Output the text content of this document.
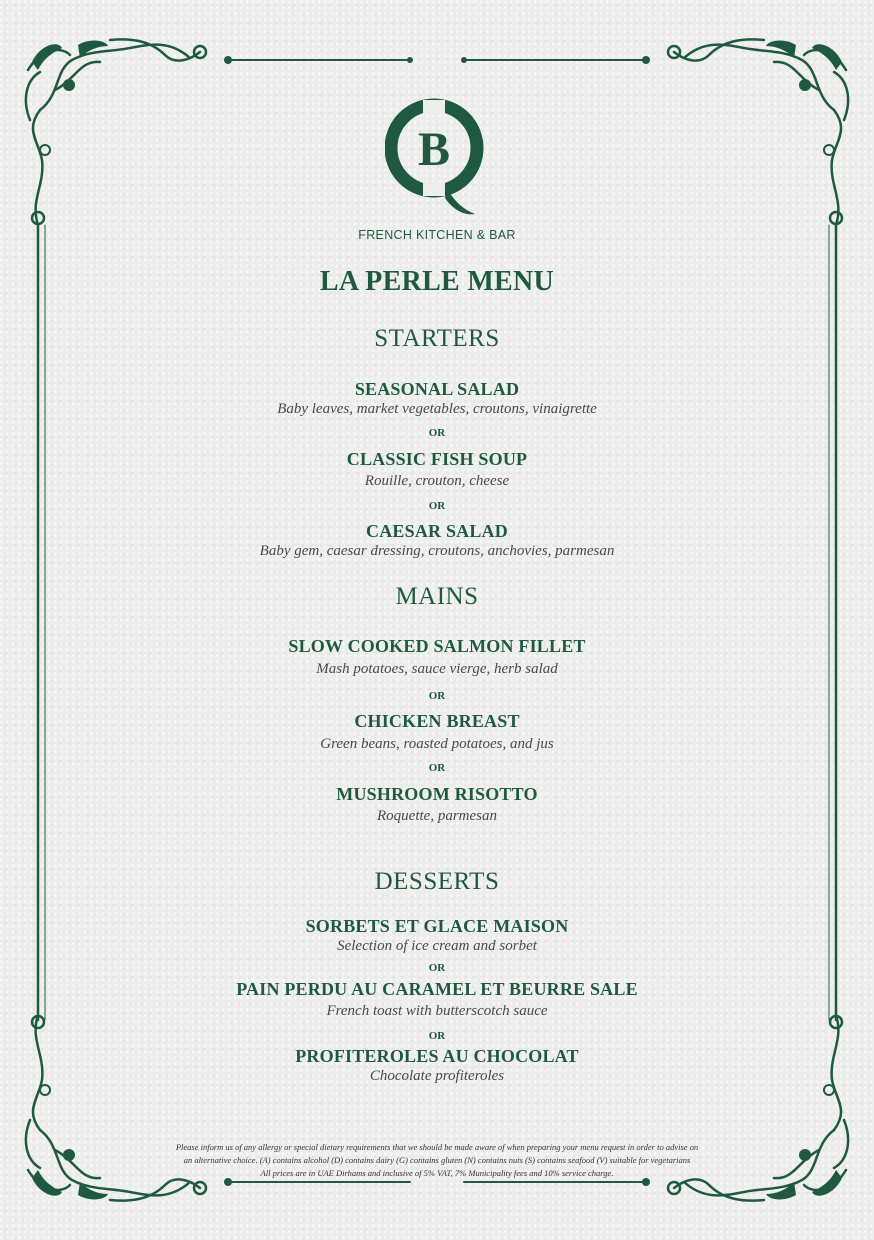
B
FRENCH KITCHEN & BAR
LA PERLE MENU
STARTERS
SEASONAL SALAD
Baby leaves, market vegetables, croutons, vinaigrette
OR
CLASSIC FISH SOUP
Rouille, crouton, cheese
OR
CAESAR SALAD
Baby gem, caesar dressing, croutons, anchovies, parmesan
MAINS
SLOW COOKED SALMON FILLET
Mash potatoes, sauce vierge, herb salad
OR
CHICKEN BREAST
Green beans, roasted potatoes, and jus
OR
MUSHROOM RISOTTO
Roquette, parmesan
DESSERTS
SORBETS ET GLACE MAISON
Selection of ice cream and sorbet
OR
PAIN PERDU AU CARAMEL ET BEURRE SALE
French toast with butterscotch sauce
OR
PROFITEROLES AU CHOCOLAT
Chocolate profiteroles
Please inform us of any allergy or special dietary requirements that we should be made aware of when preparing your menu request in order to advise on
an alternative choice. (A) contains alcohol (D) contains dairy (G) contains gluten (N) contains nuts (S) contains seafood (V) suitable for vegetarians
All prices are in UAE Dirhams and inclusive of 5% VAT, 7% Municipality fees and 10% service charge.
